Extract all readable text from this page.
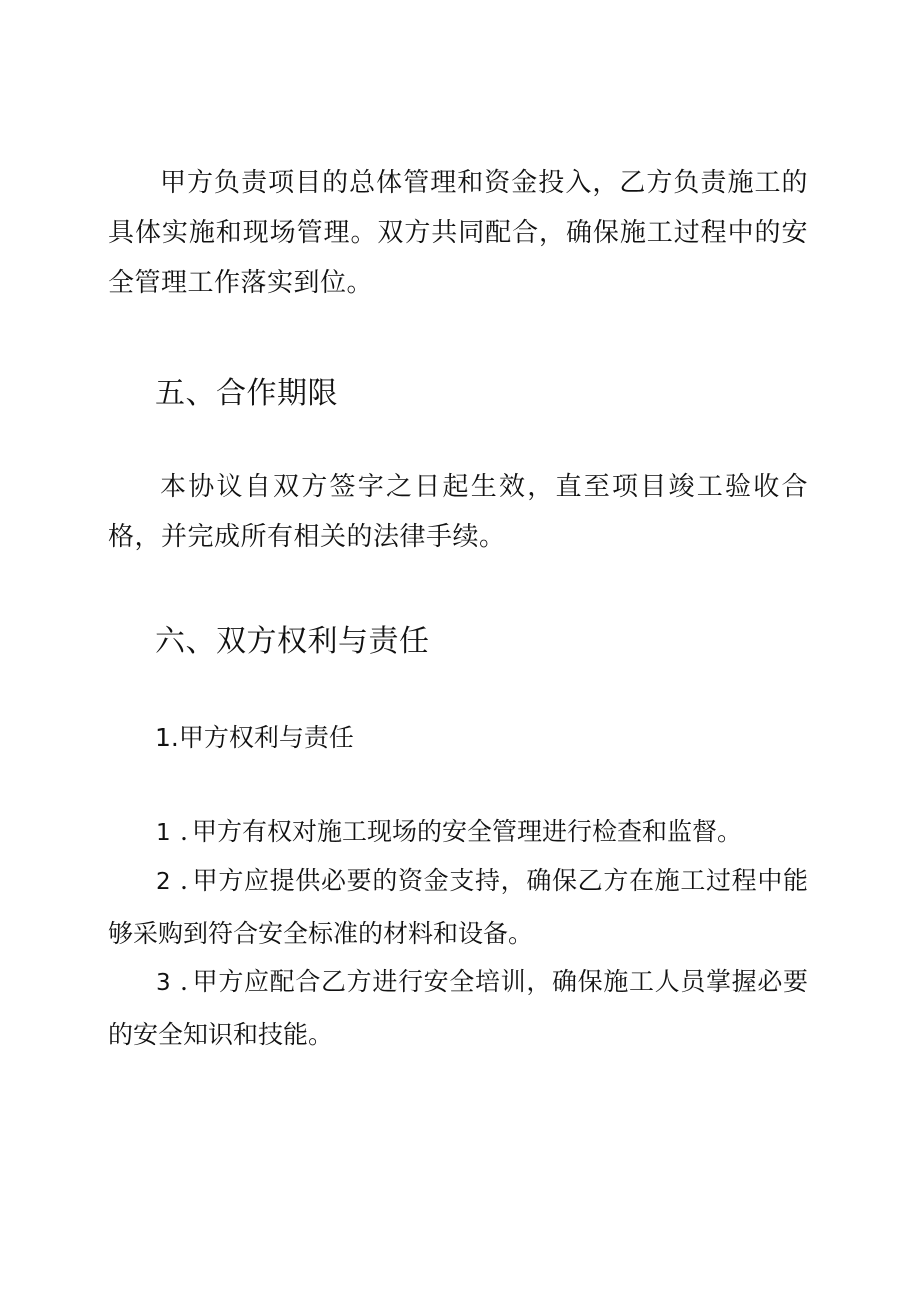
甲方负责项目的总体管理和资金投入，乙方负责施工的具体实施和现场管理。双方共同配合，确保施工过程中的安全管理工作落实到位。

五、合作期限

本协议自双方签字之日起生效，直至项目竣工验收合格，并完成所有相关的法律手续。

六、双方权利与责任
1.甲方权利与责任

1 . 甲方有权对施工现场的安全管理进行检查和监督。

2 . 甲方应提供必要的资金支持，确保乙方在施工过程中能够采购到符合安全标准的材料和设备。

3 . 甲方应配合乙方进行安全培训，确保施工人员掌握必要的安全知识和技能。
